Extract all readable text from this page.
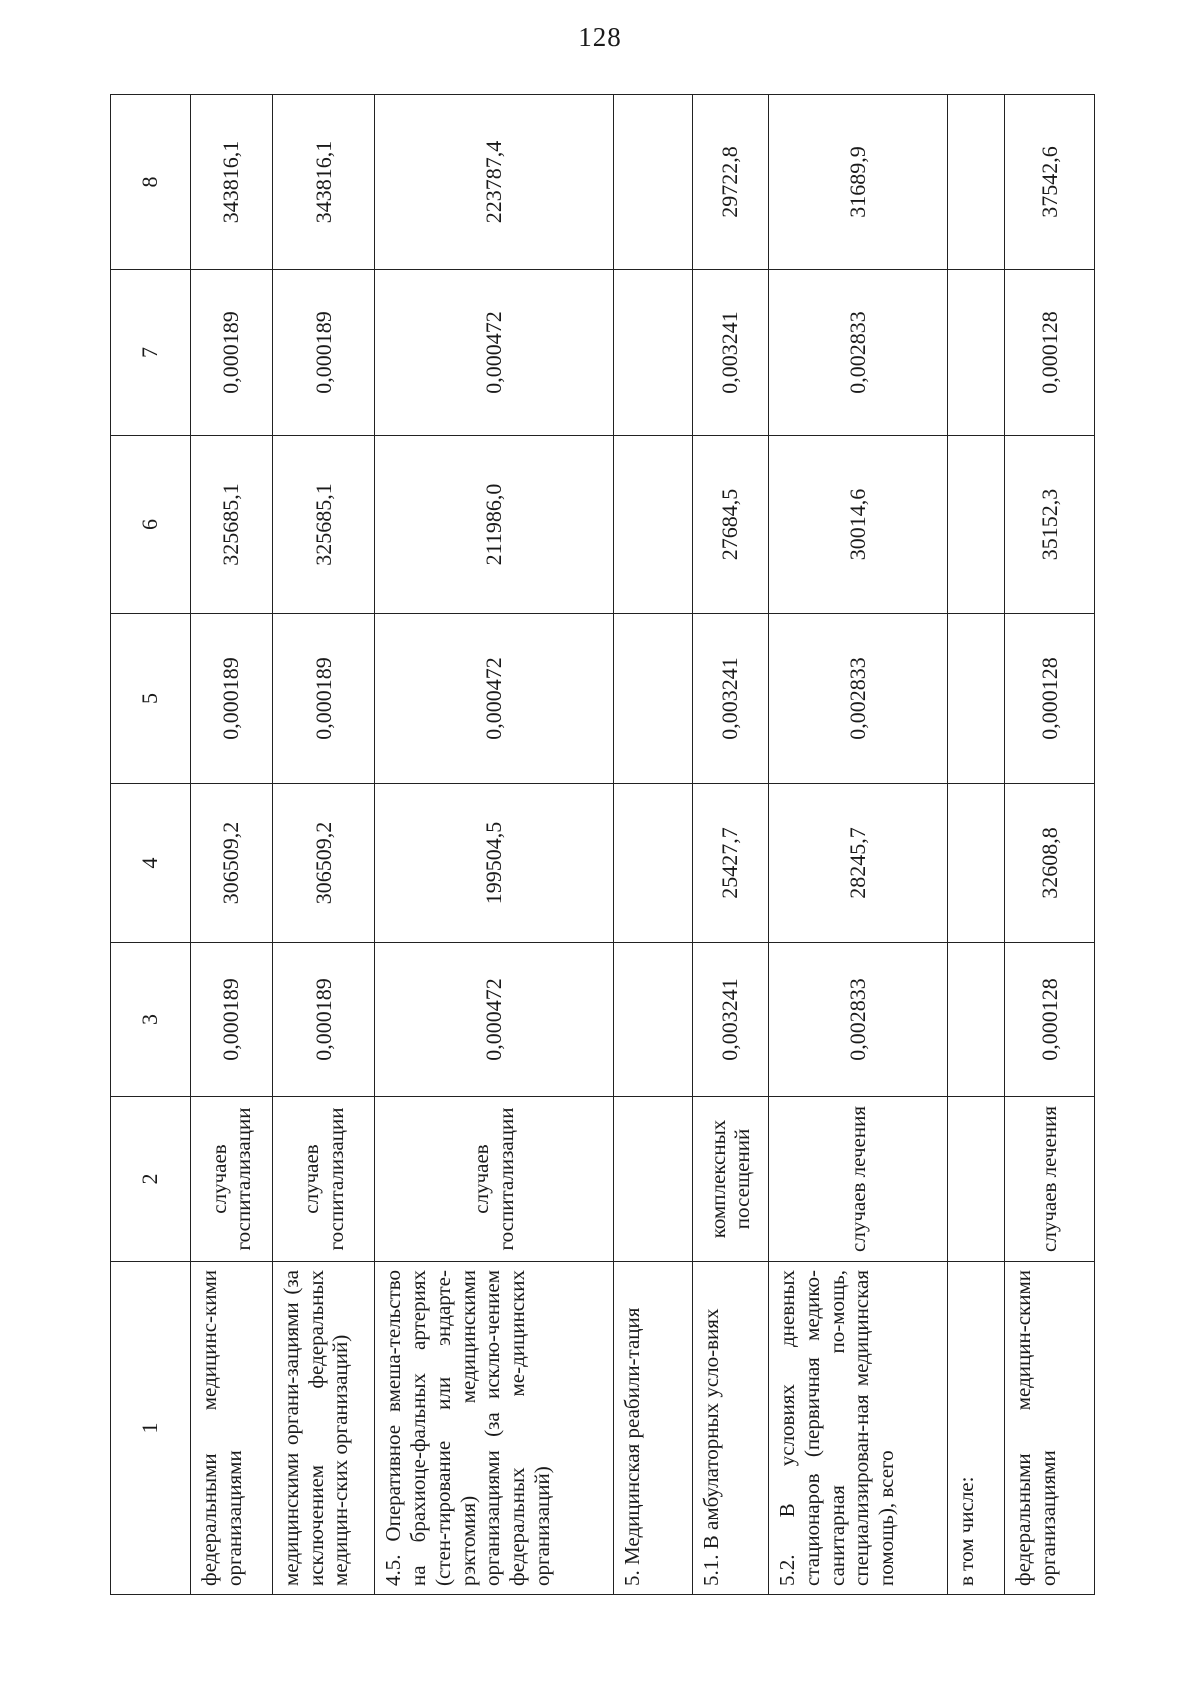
128
1	2	3	4	5	6	7	8
федеральными медицинс-кими организациями	случаев госпитализации	0,000189	306509,2	0,000189	325685,1	0,000189	343816,1
медицинскими органи-зациями (за исключением федеральных медицин-ских организаций)	случаев госпитализации	0,000189	306509,2	0,000189	325685,1	0,000189	343816,1
4.5. Оперативное вмеша-тельство на брахиоце-фальных артериях (стен-тирование или эндарте-рэктомия) медицинскими организациями (за исклю-чением федеральных ме-дицинских организаций)	случаев госпитализации	0,000472	199504,5	0,000472	211986,0	0,000472	223787,4
5. Медицинская реабили-тация							
5.1. В амбулаторных усло-виях	комплексных посещений	0,003241	25427,7	0,003241	27684,5	0,003241	29722,8
5.2. В условиях дневных стационаров (первичная медико-санитарная по-мощь, специализирован-ная медицинская помощь), всего	случаев лечения	0,002833	28245,7	0,002833	30014,6	0,002833	31689,9
в том числе:							
федеральными медицин-скими организациями	случаев лечения	0,000128	32608,8	0,000128	35152,3	0,000128	37542,6
